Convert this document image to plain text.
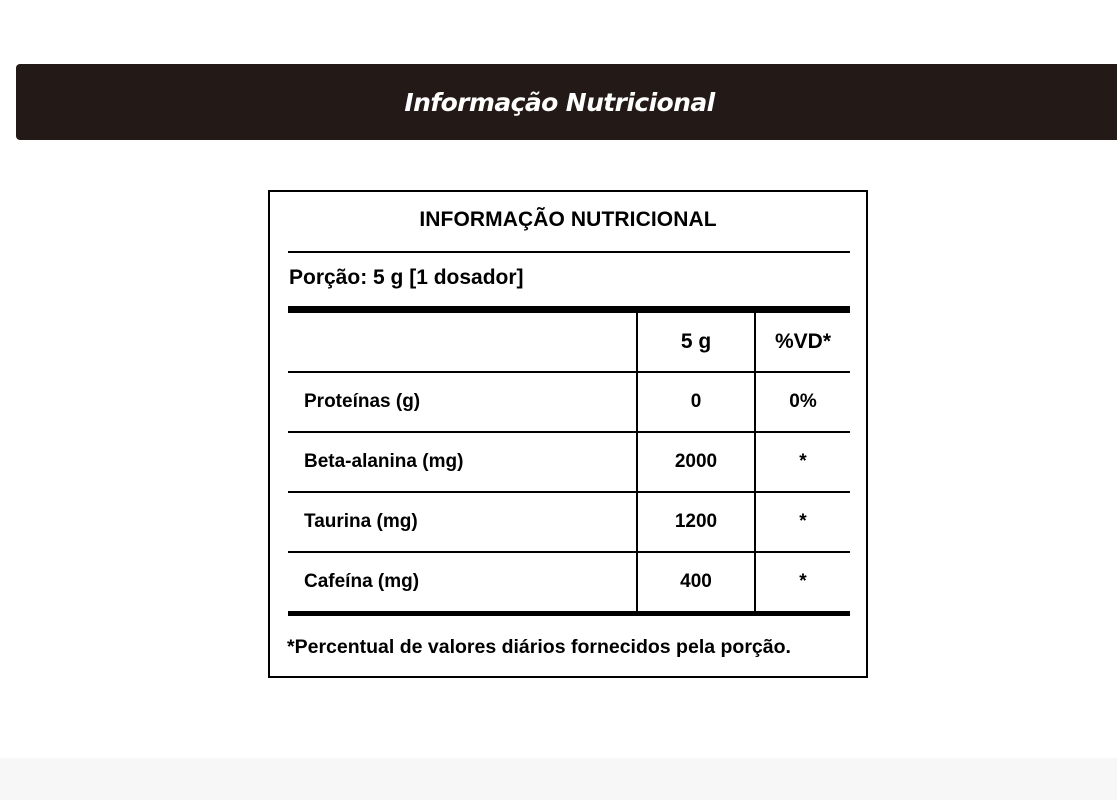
Informação Nutricional
INFORMAÇÃO NUTRICIONAL
Porção: 5 g [1 dosador]
	5 g	%VD*
Proteínas (g)	0	0%
Beta-alanina (mg)	2000	*
Taurina (mg)	1200	*
Cafeína (mg)	400	*
*Percentual de valores diários fornecidos pela porção.
